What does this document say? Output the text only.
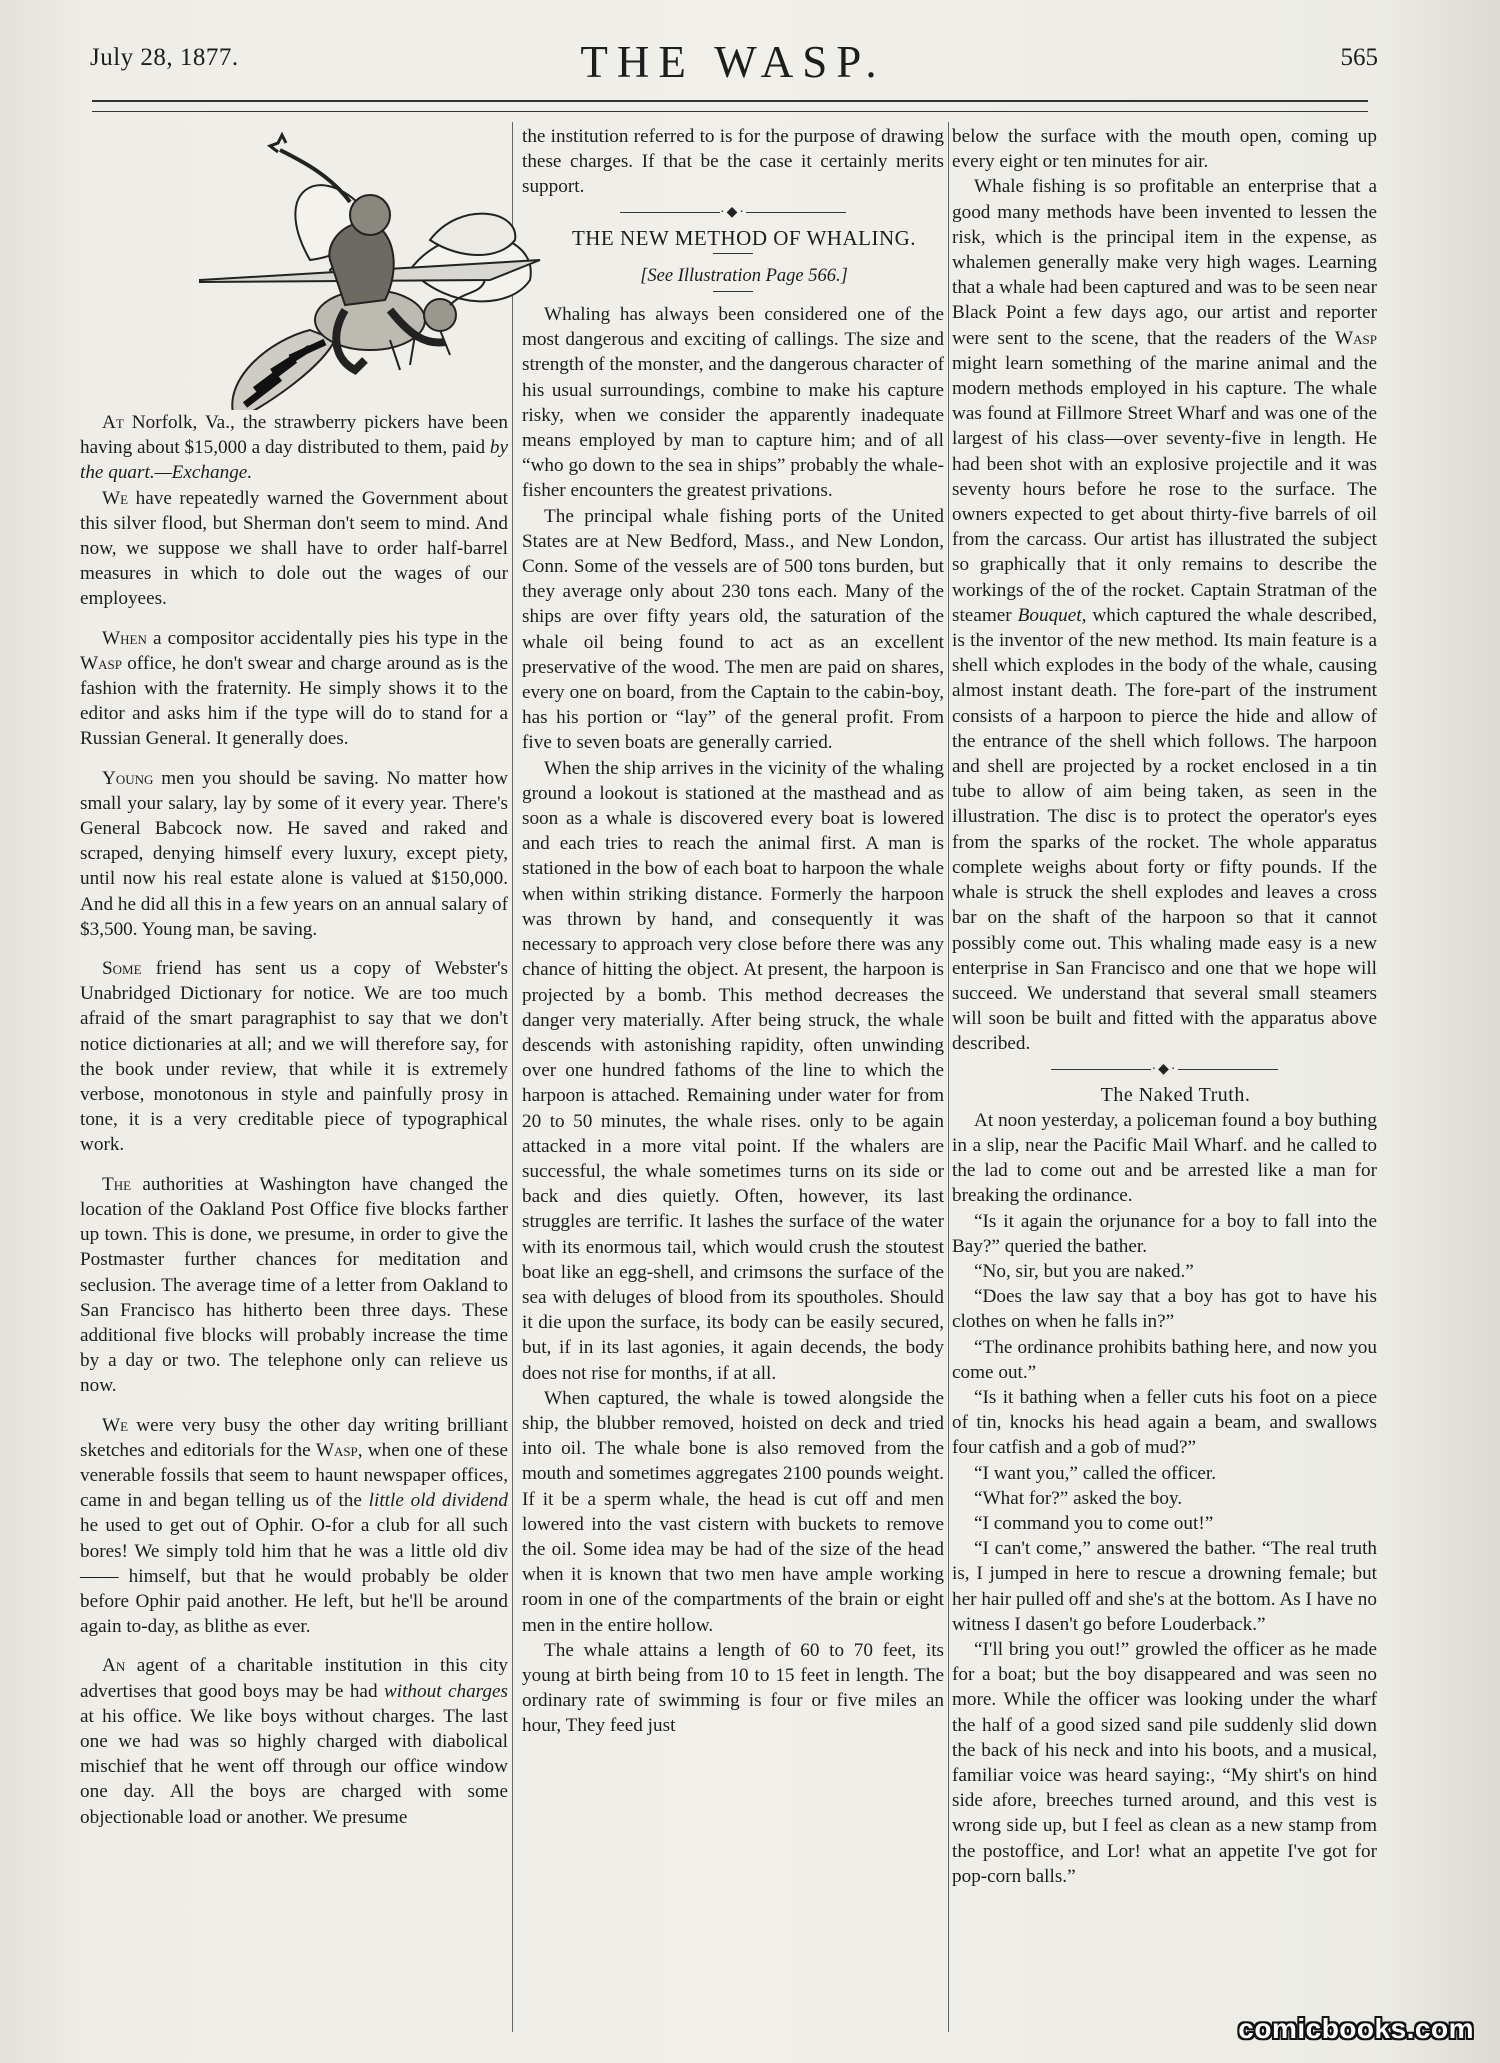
July 28, 1877.	THE WASP.	565

At Norfolk, Va., the strawberry pickers have been having about $15,000 a day distributed to them, paid by the quart.—Exchange.

We have repeatedly warned the Government about this silver flood, but Sherman don't seem to mind. And now, we suppose we shall have to order half-barrel measures in which to dole out the wages of our employees.

When a compositor accidentally pies his type in the Wasp office, he don't swear and charge around as is the fashion with the fraternity. He simply shows it to the editor and asks him if the type will do to stand for a Russian General. It generally does.

Young men you should be saving. No matter how small your salary, lay by some of it every year. There's General Babcock now. He saved and raked and scraped, denying himself every luxury, except piety, until now his real estate alone is valued at $150,000. And he did all this in a few years on an annual salary of $3,500. Young man, be saving.

Some friend has sent us a copy of Webster's Unabridged Dictionary for notice. We are too much afraid of the smart paragraphist to say that we don't notice dictionaries at all; and we will therefore say, for the book under review, that while it is extremely verbose, monotonous in style and painfully prosy in tone, it is a very creditable piece of typographical work.

The authorities at Washington have changed the location of the Oakland Post Office five blocks farther up town. This is done, we presume, in order to give the Postmaster further chances for meditation and seclusion. The average time of a letter from Oakland to San Francisco has hitherto been three days. These additional five blocks will probably increase the time by a day or two. The telephone only can relieve us now.

We were very busy the other day writing brilliant sketches and editorials for the Wasp, when one of these venerable fossils that seem to haunt newspaper offices, came in and began telling us of the little old dividend he used to get out of Ophir. O-for a club for all such bores! We simply told him that he was a little old div—— himself, but that he would probably be older before Ophir paid another. He left, but he'll be around again to-day, as blithe as ever.

An agent of a charitable institution in this city advertises that good boys may be had without charges at his office. We like boys without charges. The last one we had was so highly charged with diabolical mischief that he went off through our office window one day. All the boys are charged with some objectionable load or another. We presume

the institution referred to is for the purpose of drawing these charges. If that be the case it certainly merits support.

·◆·

THE NEW METHOD OF WHALING.

[See Illustration Page 566.]

Whaling has always been considered one of the most dangerous and exciting of callings. The size and strength of the monster, and the dangerous character of his usual surroundings, combine to make his capture risky, when we consider the apparently inadequate means employed by man to capture him; and of all “who go down to the sea in ships” probably the whale-fisher encounters the greatest privations.

The principal whale fishing ports of the United States are at New Bedford, Mass., and New London, Conn. Some of the vessels are of 500 tons burden, but they average only about 230 tons each. Many of the ships are over fifty years old, the saturation of the whale oil being found to act as an excellent preservative of the wood. The men are paid on shares, every one on board, from the Captain to the cabin-boy, has his portion or “lay” of the general profit. From five to seven boats are generally carried.

When the ship arrives in the vicinity of the whaling ground a lookout is stationed at the masthead and as soon as a whale is discovered every boat is lowered and each tries to reach the animal first. A man is stationed in the bow of each boat to harpoon the whale when within striking distance. Formerly the harpoon was thrown by hand, and consequently it was necessary to approach very close before there was any chance of hitting the object. At present, the harpoon is projected by a bomb. This method decreases the danger very materially. After being struck, the whale descends with astonishing rapidity, often unwinding over one hundred fathoms of the line to which the harpoon is attached. Remaining under water for from 20 to 50 minutes, the whale rises. only to be again attacked in a more vital point. If the whalers are successful, the whale sometimes turns on its side or back and dies quietly. Often, however, its last struggles are terrific. It lashes the surface of the water with its enormous tail, which would crush the stoutest boat like an egg-shell, and crimsons the surface of the sea with deluges of blood from its spoutholes. Should it die upon the surface, its body can be easily secured, but, if in its last agonies, it again decends, the body does not rise for months, if at all.

When captured, the whale is towed alongside the ship, the blubber removed, hoisted on deck and tried into oil. The whale bone is also removed from the mouth and sometimes aggregates 2100 pounds weight. If it be a sperm whale, the head is cut off and men lowered into the vast cistern with buckets to remove the oil. Some idea may be had of the size of the head when it is known that two men have ample working room in one of the compartments of the brain or eight men in the entire hollow.

The whale attains a length of 60 to 70 feet, its young at birth being from 10 to 15 feet in length. The ordinary rate of swimming is four or five miles an hour, They feed just

below the surface with the mouth open, coming up every eight or ten minutes for air.

Whale fishing is so profitable an enterprise that a good many methods have been invented to lessen the risk, which is the principal item in the expense, as whalemen generally make very high wages. Learning that a whale had been captured and was to be seen near Black Point a few days ago, our artist and reporter were sent to the scene, that the readers of the Wasp might learn something of the marine animal and the modern methods employed in his capture. The whale was found at Fillmore Street Wharf and was one of the largest of his class—over seventy-five in length. He had been shot with an explosive projectile and it was seventy hours before he rose to the surface. The owners expected to get about thirty-five barrels of oil from the carcass. Our artist has illustrated the subject so graphically that it only remains to describe the workings of the of the rocket. Captain Stratman of the steamer Bouquet, which captured the whale described, is the inventor of the new method. Its main feature is a shell which explodes in the body of the whale, causing almost instant death. The fore-part of the instrument consists of a harpoon to pierce the hide and allow of the entrance of the shell which follows. The harpoon and shell are projected by a rocket enclosed in a tin tube to allow of aim being taken, as seen in the illustration. The disc is to protect the operator's eyes from the sparks of the rocket. The whole apparatus complete weighs about forty or fifty pounds. If the whale is struck the shell explodes and leaves a cross bar on the shaft of the harpoon so that it cannot possibly come out. This whaling made easy is a new enterprise in San Francisco and one that we hope will succeed. We understand that several small steamers will soon be built and fitted with the apparatus above described.

·◆·

The Naked Truth.

At noon yesterday, a policeman found a boy buthing in a slip, near the Pacific Mail Wharf. and he called to the lad to come out and be arrested like a man for breaking the ordinance.

“Is it again the orjunance for a boy to fall into the Bay?” queried the bather.

“No, sir, but you are naked.”

“Does the law say that a boy has got to have his clothes on when he falls in?”

“The ordinance prohibits bathing here, and now you come out.”

“Is it bathing when a feller cuts his foot on a piece of tin, knocks his head again a beam, and swallows four catfish and a gob of mud?”

“I want you,” called the officer.

“What for?” asked the boy.

“I command you to come out!”

“I can't come,” answered the bather. “The real truth is, I jumped in here to rescue a drowning female; but her hair pulled off and she's at the bottom. As I have no witness I dasen't go before Louderback.”

“I'll bring you out!” growled the officer as he made for a boat; but the boy disappeared and was seen no more. While the officer was looking under the wharf the half of a good sized sand pile suddenly slid down the back of his neck and into his boots, and a musical, familiar voice was heard saying:, “My shirt's on hind side afore, breeches turned around, and this vest is wrong side up, but I feel as clean as a new stamp from the postoffice, and Lor! what an appetite I've got for pop-corn balls.”

comicbooks.com
